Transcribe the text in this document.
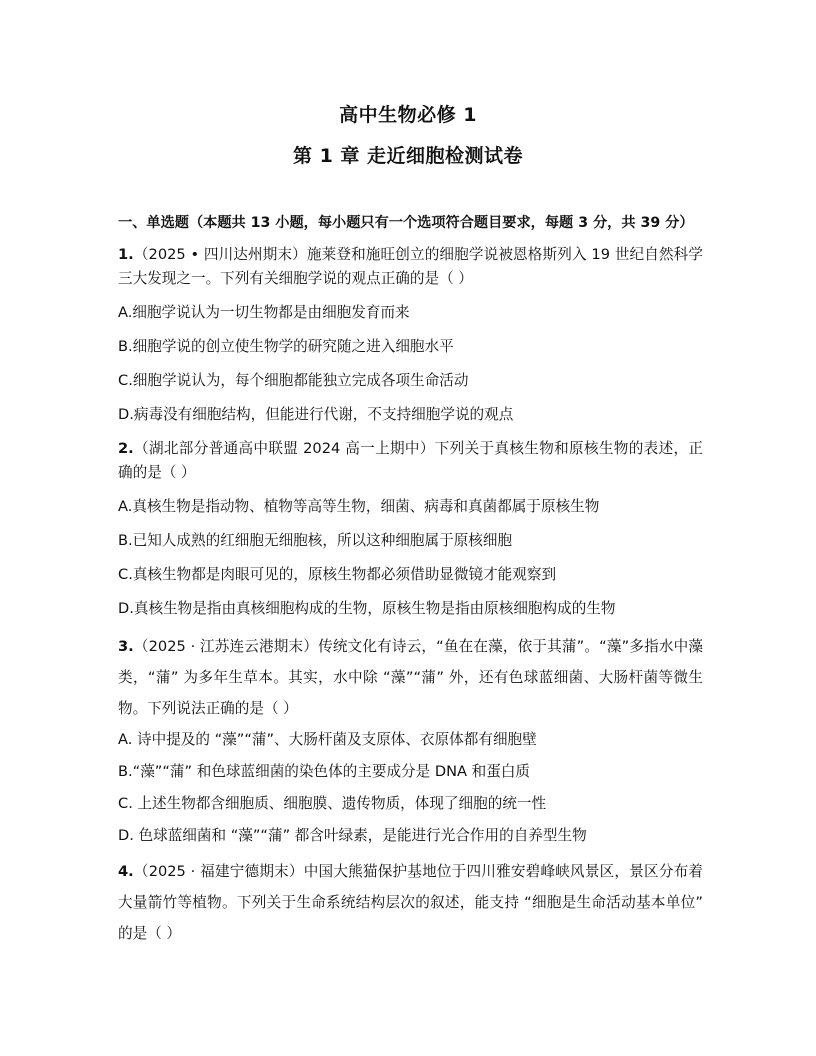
高中生物必修 1
第 1 章 走近细胞检测试卷
一、单选题（本题共 13 小题，每小题只有一个选项符合题目要求，每题 3 分，共 39 分）
1.（2025 • 四川达州期末）施莱登和施旺创立的细胞学说被恩格斯列入 19 世纪自然科学三大发现之一。下列有关细胞学说的观点正确的是（ ）
A.细胞学说认为一切生物都是由细胞发育而来
B.细胞学说的创立使生物学的研究随之进入细胞水平
C.细胞学说认为，每个细胞都能独立完成各项生命活动
D.病毒没有细胞结构，但能进行代谢，不支持细胞学说的观点
2.（湖北部分普通高中联盟 2024 高一上期中）下列关于真核生物和原核生物的表述，正确的是（ ）
A.真核生物是指动物、植物等高等生物，细菌、病毒和真菌都属于原核生物
B.已知人成熟的红细胞无细胞核，所以这种细胞属于原核细胞
C.真核生物都是肉眼可见的，原核生物都必须借助显微镜才能观察到
D.真核生物是指由真核细胞构成的生物，原核生物是指由原核细胞构成的生物
3.（2025 · 江苏连云港期末）传统文化有诗云，“鱼在在藻，依于其蒲”。“藻”多指水中藻类，“蒲” 为多年生草本。其实，水中除 “藻”“蒲” 外，还有色球蓝细菌、大肠杆菌等微生物。下列说法正确的是（ ）
A. 诗中提及的 “藻”“蒲”、大肠杆菌及支原体、衣原体都有细胞壁
B.“藻”“蒲” 和色球蓝细菌的染色体的主要成分是 DNA 和蛋白质
C. 上述生物都含细胞质、细胞膜、遗传物质，体现了细胞的统一性
D. 色球蓝细菌和 “藻”“蒲” 都含叶绿素，是能进行光合作用的自养型生物
4.（2025 · 福建宁德期末）中国大熊猫保护基地位于四川雅安碧峰峡风景区，景区分布着大量箭竹等植物。下列关于生命系统结构层次的叙述，能支持 “细胞是生命活动基本单位” 的是（ ）
